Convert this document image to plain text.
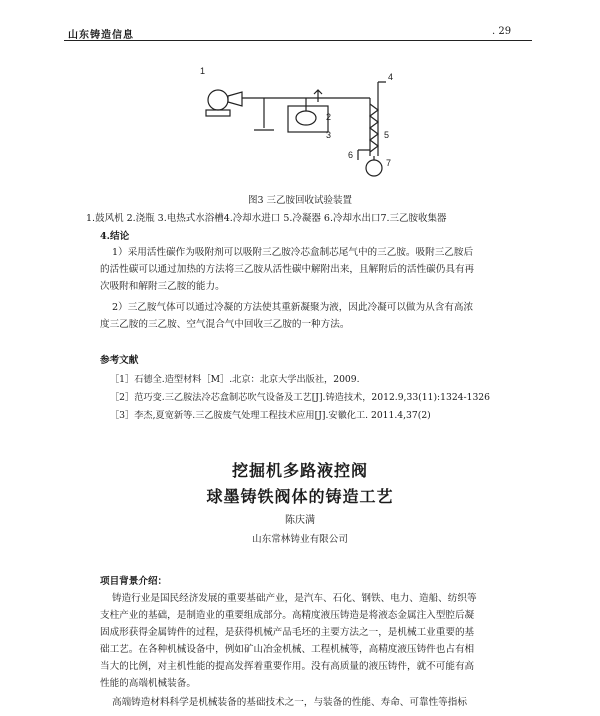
山东铸造信息	. 29
1
2
3
4
5
6
7
图3 三乙胺回收试验装置
1.鼓风机 2.浇瓶 3.电热式水浴槽4.冷却水进口 5.冷凝器 6.冷却水出口7.三乙胺收集器
4.结论
1）采用活性碳作为吸附剂可以吸附三乙胺冷芯盒制芯尾气中的三乙胺。吸附三乙胺后
的活性碳可以通过加热的方法将三乙胺从活性碳中解附出来，且解附后的活性碳仍具有再
次吸附和解附三乙胺的能力。
2）三乙胺气体可以通过冷凝的方法使其重新凝聚为液，因此冷凝可以做为从含有高浓
度三乙胺的三乙胺、空气混合气中回收三乙胺的一种方法。
参考文献
［1］石德全.造型材料［M］.北京：北京大学出版社，2009.
［2］范巧变.三乙胺法冷芯盒制芯吹气设备及工艺[J].铸造技术，2012.9,33(11):1324-1326
［3］李杰,夏宽新等.三乙胺废气处理工程技术应用[J].安徽化工. 2011.4,37(2)
挖掘机多路液控阀
球墨铸铁阀体的铸造工艺
陈庆满
山东常林铸业有限公司
项目背景介绍：
铸造行业是国民经济发展的重要基础产业，是汽车、石化、钢铁、电力、造船、纺织等
支柱产业的基础，是制造业的重要组成部分。高精度液压铸造是将液态金属注入型腔后凝
固成形获得金属铸件的过程，是获得机械产品毛坯的主要方法之一，是机械工业重要的基
础工艺。在各种机械设备中，例如矿山冶金机械、工程机械等，高精度液压铸件也占有相
当大的比例，对主机性能的提高发挥着重要作用。没有高质量的液压铸件，就不可能有高
性能的高端机械装备。
高端铸造材料科学是机械装备的基础技术之一，与装备的性能、寿命、可靠性等指标
